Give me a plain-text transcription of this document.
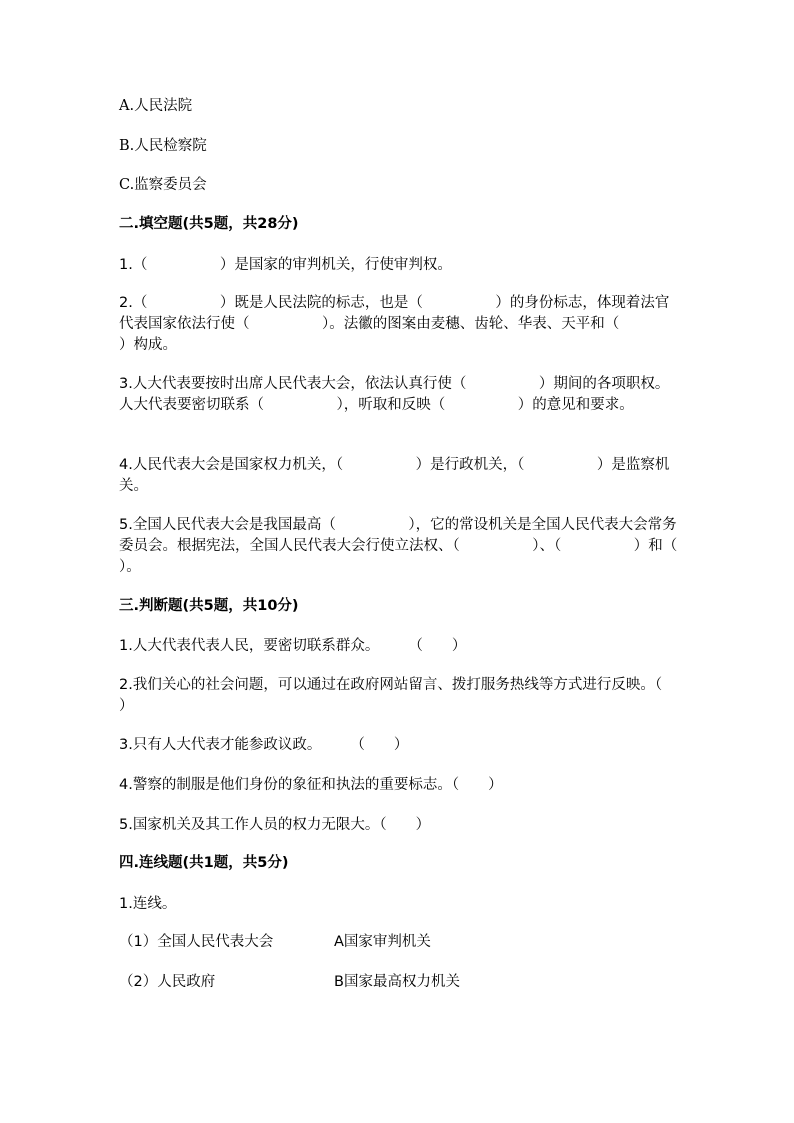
A.人民法院
B.人民检察院
C.监察委员会
二.填空题(共5题，共28分)
1.（　　　　　）是国家的审判机关，行使审判权。
2.（　　　　　）既是人民法院的标志，也是（　　　　　）的身份标志，体现着法官代表国家依法行使（　　　　　）。法徽的图案由麦穗、齿轮、华表、天平和（　　　　　）构成。
3.人大代表要按时出席人民代表大会，依法认真行使（　　　　　）期间的各项职权。人大代表要密切联系（　　　　　），听取和反映（　　　　　）的意见和要求。
4.人民代表大会是国家权力机关，（　　　　　）是行政机关，（　　　　　）是监察机关。
5.全国人民代表大会是我国最高（　　　　　），它的常设机关是全国人民代表大会常务委员会。根据宪法，全国人民代表大会行使立法权、（　　　　　）、（　　　　　）和（　　　　　）。
三.判断题(共5题，共10分)
1.人大代表代表人民，要密切联系群众。　　　（　　）
2.我们关心的社会问题，可以通过在政府网站留言、拨打服务热线等方式进行反映。（　　）
3.只有人大代表才能参政议政。　　　（　　）
4.警察的制服是他们身份的象征和执法的重要标志。（　　）
5.国家机关及其工作人员的权力无限大。（　　）
四.连线题(共1题，共5分)
1.连线。
（1）全国人民代表大会	A国家审判机关
（2）人民政府	B国家最高权力机关
